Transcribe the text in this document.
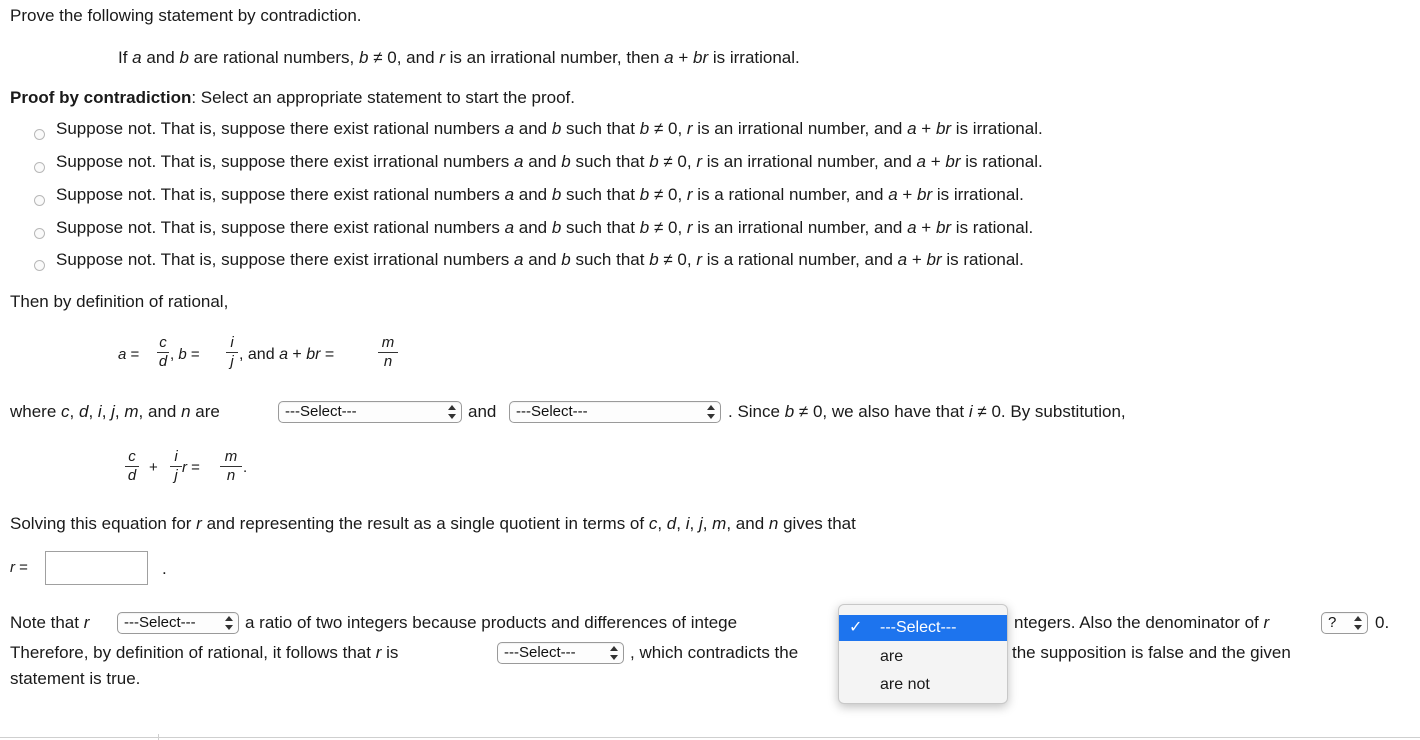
Prove the following statement by contradiction.
If a and b are rational numbers, b ≠ 0, and r is an irrational number, then a + br is irrational.
Proof by contradiction: Select an appropriate statement to start the proof.
Suppose not. That is, suppose there exist rational numbers a and b such that b ≠ 0, r is an irrational number, and a + br is irrational.
Suppose not. That is, suppose there exist irrational numbers a and b such that b ≠ 0, r is an irrational number, and a + br is rational.
Suppose not. That is, suppose there exist rational numbers a and b such that b ≠ 0, r is a rational number, and a + br is irrational.
Suppose not. That is, suppose there exist rational numbers a and b such that b ≠ 0, r is an irrational number, and a + br is rational.
Suppose not. That is, suppose there exist irrational numbers a and b such that b ≠ 0, r is a rational number, and a + br is rational.
Then by definition of rational,
a =
c
d , b =
i
j , and a + br =
m
n
where c, d, i, j, m, and n are	---Select---	and	---Select---	. Since b ≠ 0, we also have that i ≠ 0. By substitution,
c
d +
i
j r =
m
n .
Solving this equation for r and representing the result as a single quotient in terms of c, d, i, j, m, and n gives that
r =	.
Note that r	---Select---	a ratio of two integers because products and differences of intege	ntegers. Also the denominator of r	?	0.
Therefore, by definition of rational, it follows that r is	---Select---	, which contradicts the	the supposition is false and the given
statement is true.
✓ ---Select---
are
are not
